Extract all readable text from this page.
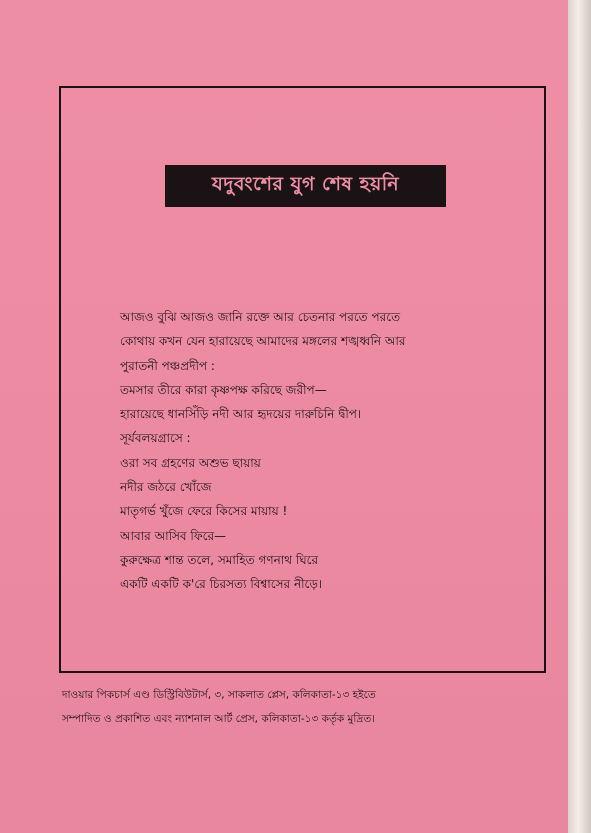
যদুবংশের যুগ শেষ হয়নি
আজও বুঝি আজও জানি রক্তে আর চেতনার পরতে পরতে
কোথায় কখন যেন হারায়েছে আমাদের মঙ্গলের শঙ্খধ্বনি আর
পুরাতনী পঞ্চপ্রদীপ :
তমসার তীরে কারা কৃষ্ণপক্ষ করিছে জরীপ—
হারায়েছে ধানসিঁড়ি নদী আর হৃদয়ের দারুচিনি দ্বীপ।
সূর্যবলয়গ্রাসে :
ওরা সব গ্রহণের অশুভ ছায়ায়
নদীর জঠরে খোঁজে
মাতৃগর্ভ খুঁজে ফেরে কিসের মায়ায় !
আবার আসিব ফিরে—
কুরুক্ষেত্র শান্ত তলে, সমাহিত গণনাথ ঘিরে
একটি একটি ক'রে চিরসত্য বিশ্বাসের নীড়ে।
দাওয়ার পিকচার্স এণ্ড ডিস্ট্রিবিউটার্স, ৩, সাকলাত প্লেস, কলিকাতা-১৩ হইতে
সম্পাদিত ও প্রকাশিত এবং ন্যাশনাল আর্ট প্রেস, কলিকাতা-১৩ কর্তৃক মুদ্রিত।
